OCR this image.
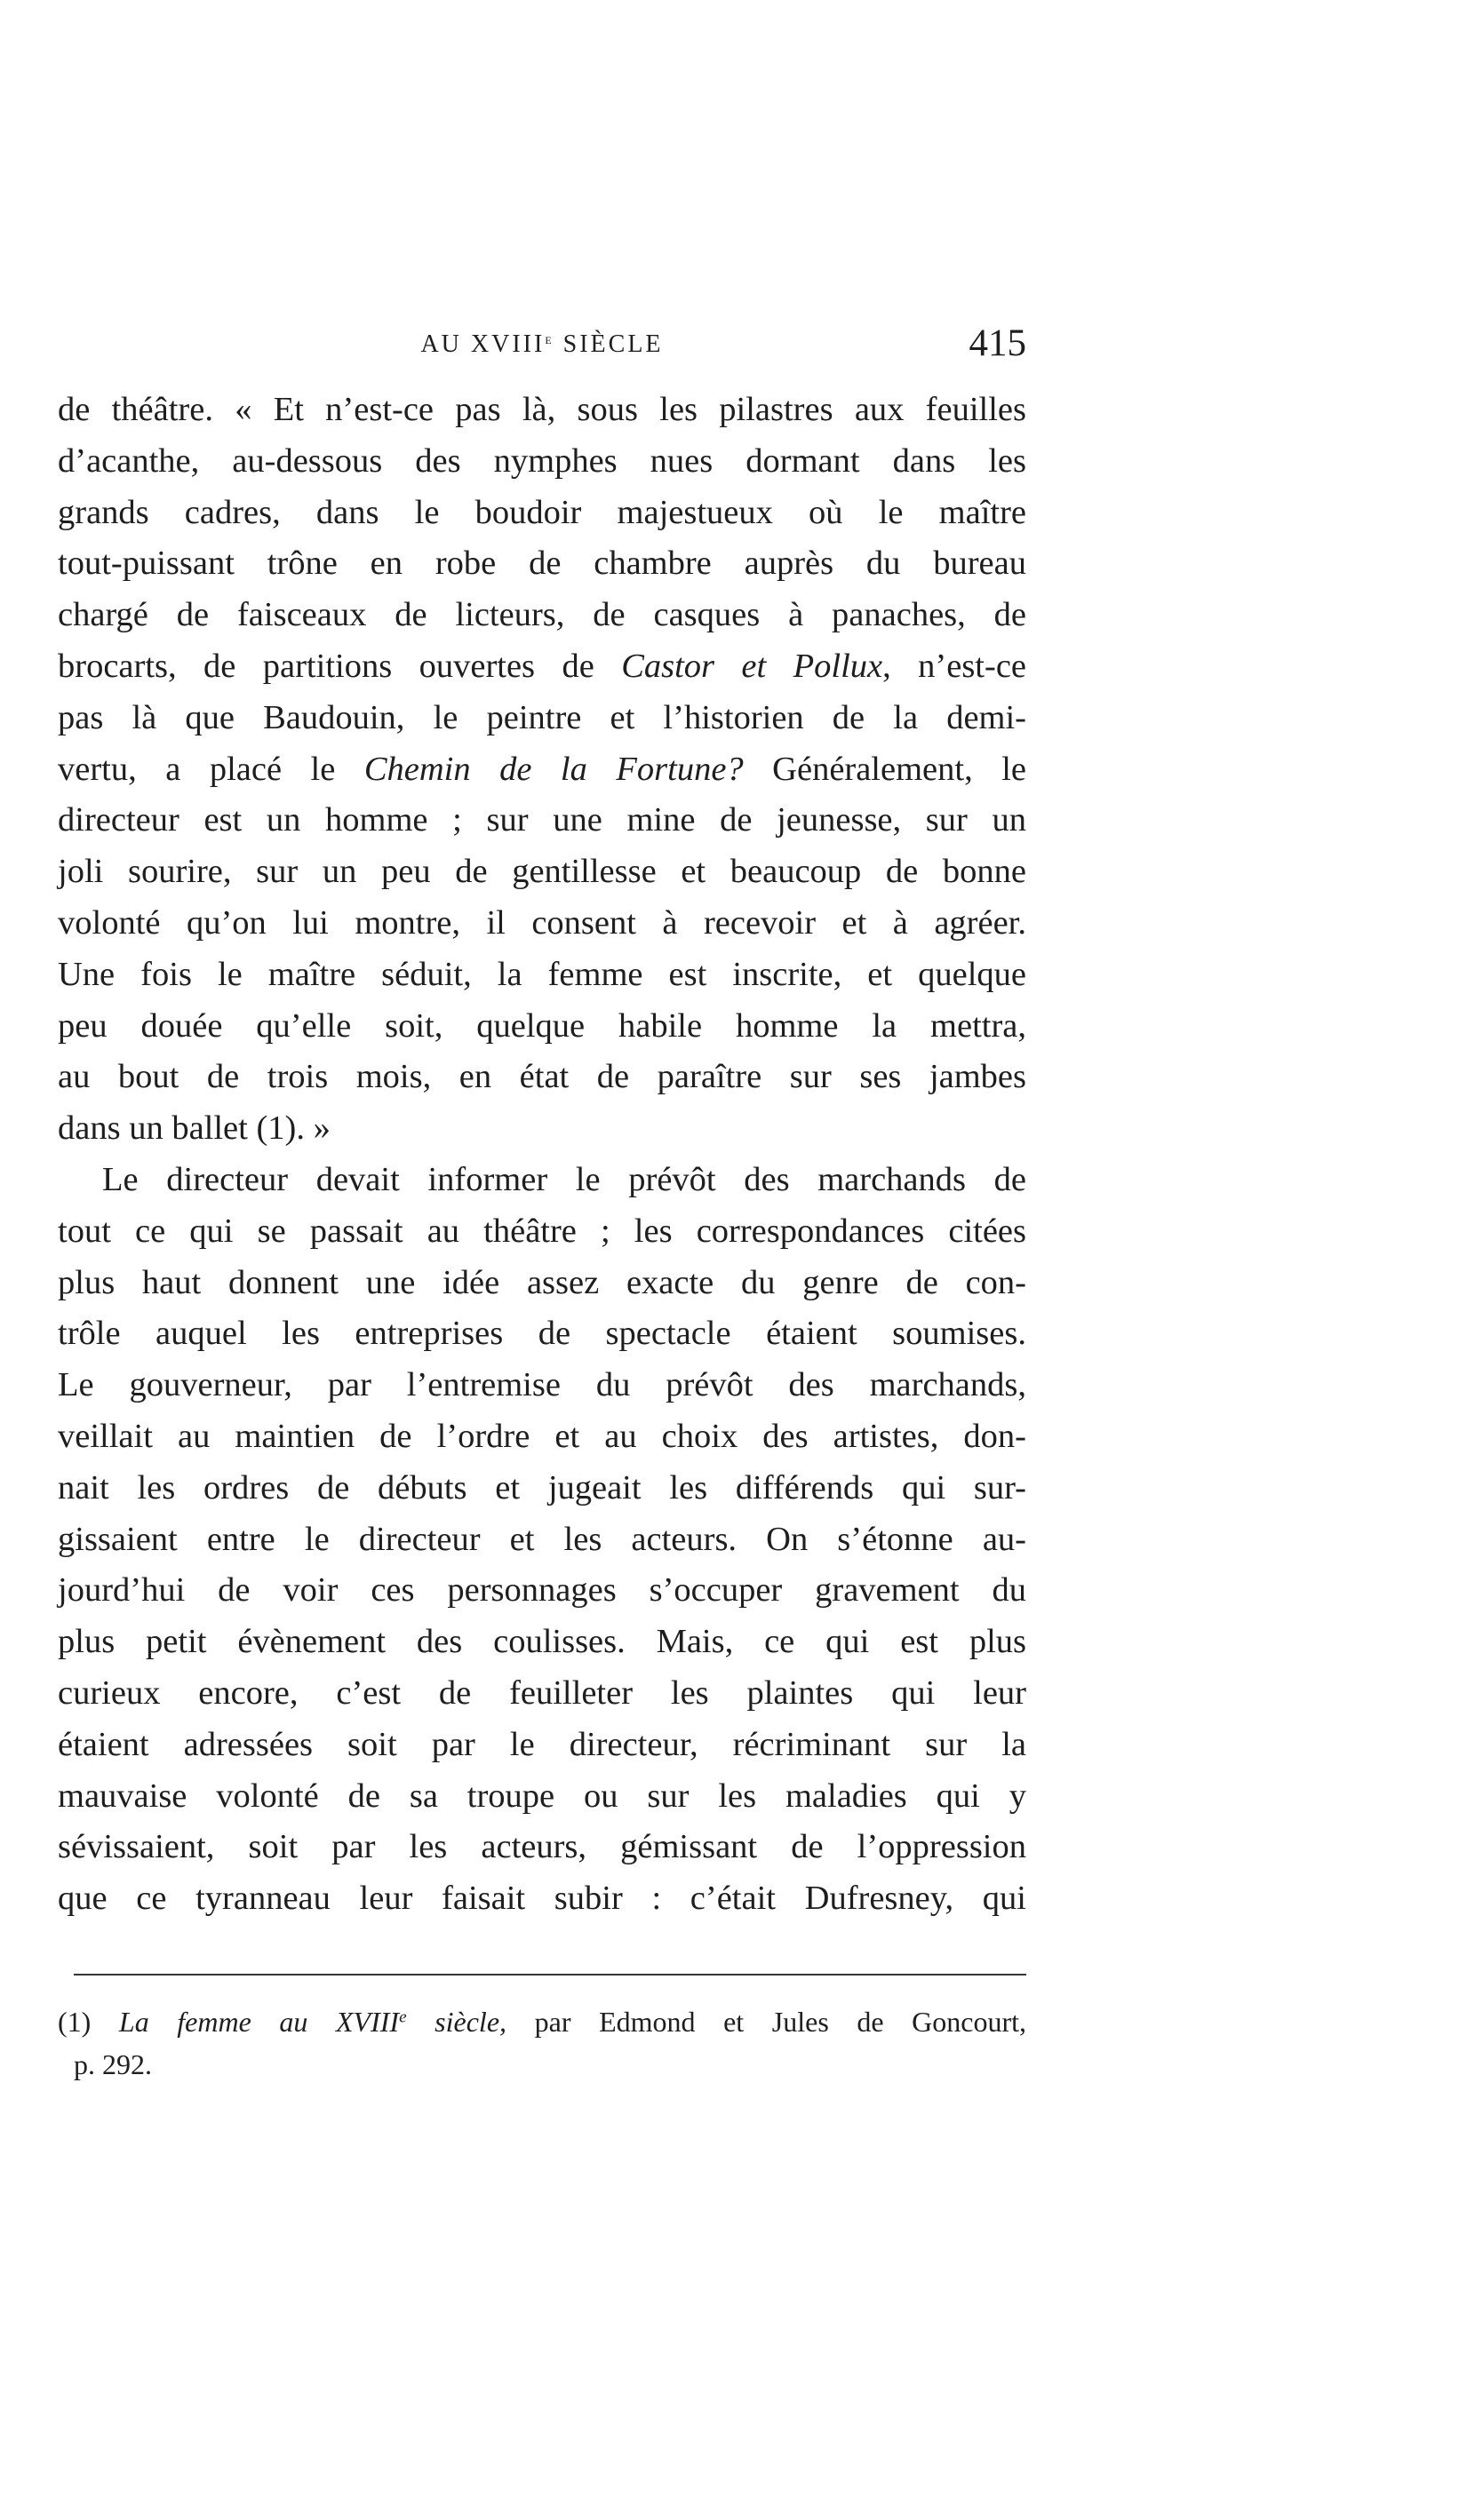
AU XVIIIe SIÈCLE	415
de théâtre. « Et n’est-ce pas là, sous les pilastres aux feuilles
d’acanthe, au-dessous des nymphes nues dormant dans les
grands cadres, dans le boudoir majestueux où le maître
tout-puissant trône en robe de chambre auprès du bureau
chargé de faisceaux de licteurs, de casques à panaches, de
brocarts, de partitions ouvertes de Castor et Pollux, n’est-ce
pas là que Baudouin, le peintre et l’historien de la demi-
vertu, a placé le Chemin de la Fortune? Généralement, le
directeur est un homme ; sur une mine de jeunesse, sur un
joli sourire, sur un peu de gentillesse et beaucoup de bonne
volonté qu’on lui montre, il consent à recevoir et à agréer.
Une fois le maître séduit, la femme est inscrite, et quelque
peu douée qu’elle soit, quelque habile homme la mettra,
au bout de trois mois, en état de paraître sur ses jambes
dans un ballet (1). »
Le directeur devait informer le prévôt des marchands de
tout ce qui se passait au théâtre ; les correspondances citées
plus haut donnent une idée assez exacte du genre de con-
trôle auquel les entreprises de spectacle étaient soumises.
Le gouverneur, par l’entremise du prévôt des marchands,
veillait au maintien de l’ordre et au choix des artistes, don-
nait les ordres de débuts et jugeait les différends qui sur-
gissaient entre le directeur et les acteurs. On s’étonne au-
jourd’hui de voir ces personnages s’occuper gravement du
plus petit évènement des coulisses. Mais, ce qui est plus
curieux encore, c’est de feuilleter les plaintes qui leur
étaient adressées soit par le directeur, récriminant sur la
mauvaise volonté de sa troupe ou sur les maladies qui y
sévissaient, soit par les acteurs, gémissant de l’oppression
que ce tyranneau leur faisait subir : c’était Dufresney, qui
(1) La femme au XVIIIe siècle, par Edmond et Jules de Goncourt,
p. 292.
